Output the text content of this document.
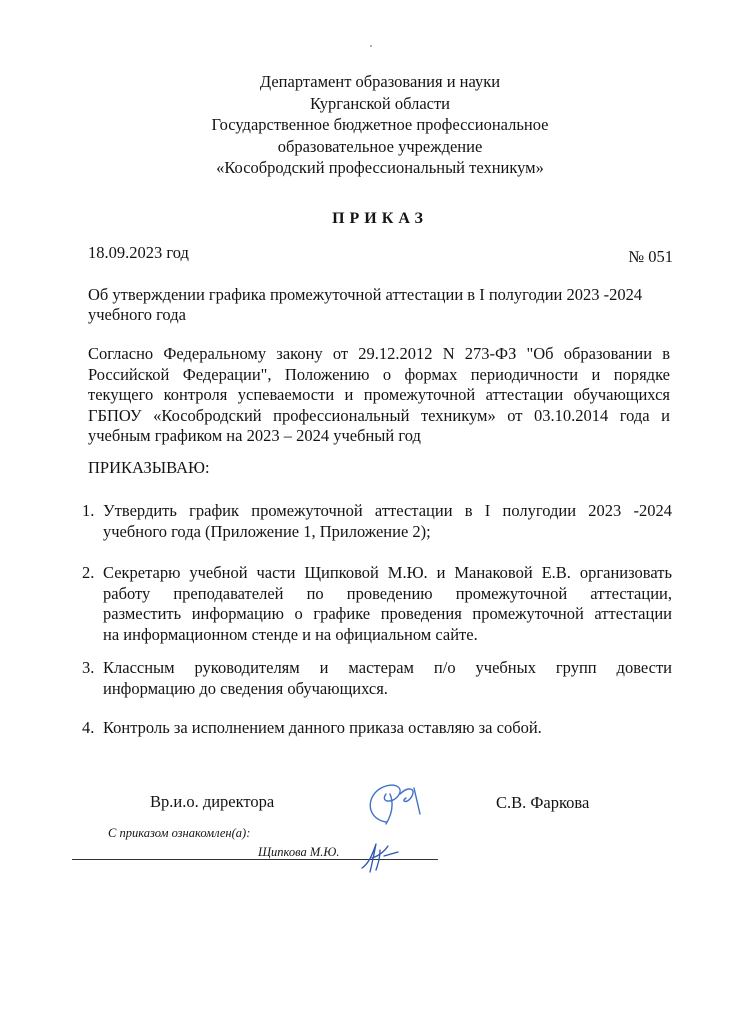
Департамент образования и науки
Курганской области
Государственное бюджетное профессиональное
образовательное учреждение
«Кособродский профессиональный техникум»
ПРИКАЗ
18.09.2023 год	№ 051
Об утверждении графика промежуточной аттестации в I полугодии 2023 -2024
учебного года
Согласно Федеральному закону от 29.12.2012 N 273-ФЗ "Об образовании в
Российской Федерации", Положению о формах периодичности и порядке
текущего контроля успеваемости и промежуточной аттестации обучающихся
ГБПОУ «Кособродский профессиональный техникум» от 03.10.2014 года и
учебным графиком на 2023 – 2024 учебный год
ПРИКАЗЫВАЮ:
1. Утвердить график промежуточной аттестации в I полугодии 2023 -2024
учебного года (Приложение 1, Приложение 2);
2. Секретарю учебной части Щипковой М.Ю. и Манаковой Е.В. организовать
работу преподавателей по проведению промежуточной аттестации,
разместить информацию о графике проведения промежуточной аттестации
на информационном стенде и на официальном сайте.
3. Классным руководителям и мастерам п/о учебных групп довести
информацию до сведения обучающихся.
4. Контроль за исполнением данного приказа оставляю за собой.
Вр.и.о. директора	С.В. Фаркова
С приказом ознакомлен(а):
Щипкова М.Ю.
